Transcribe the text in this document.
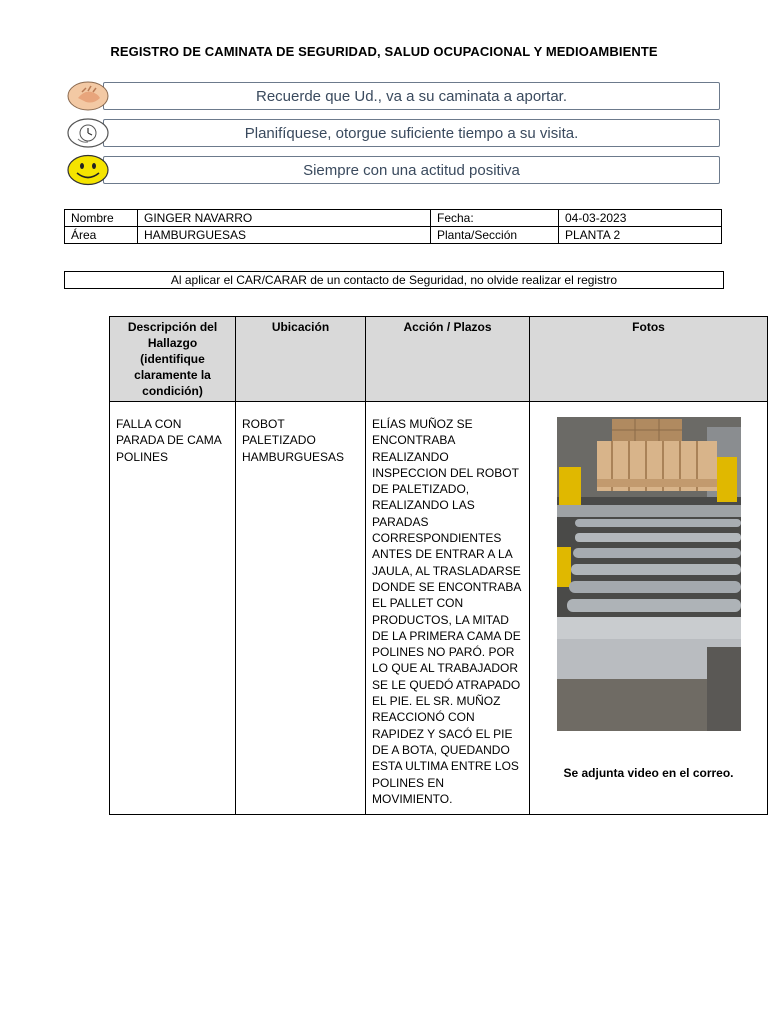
REGISTRO DE CAMINATA DE SEGURIDAD, SALUD OCUPACIONAL Y MEDIOAMBIENTE
Recuerde que Ud., va a su caminata a aportar.
Planifíquese, otorgue suficiente tiempo a su visita.
Siempre con una actitud positiva
Nombre	GINGER NAVARRO	Fecha:	04-03-2023
Área	HAMBURGUESAS	Planta/Sección	PLANTA 2
Al aplicar el CAR/CARAR de un contacto de Seguridad, no olvide realizar el registro
Descripción del Hallazgo (identifique claramente la condición)	Ubicación	Acción / Plazos	Fotos
FALLA CON PARADA DE CAMA POLINES	ROBOT PALETIZADO HAMBURGUESAS	ELÍAS MUÑOZ SE ENCONTRABA REALIZANDO INSPECCION DEL ROBOT DE PALETIZADO, REALIZANDO LAS PARADAS CORRESPONDIENTES ANTES DE ENTRAR A LA JAULA, AL TRASLADARSE DONDE SE ENCONTRABA EL PALLET CON PRODUCTOS, LA MITAD DE LA PRIMERA CAMA DE POLINES NO PARÓ. POR LO QUE AL TRABAJADOR SE LE QUEDÓ ATRAPADO EL PIE. EL SR. MUÑOZ REACCIONÓ CON RAPIDEZ Y SACÓ EL PIE DE A BOTA, QUEDANDO ESTA ULTIMA ENTRE LOS POLINES EN MOVIMIENTO.	Se adjunta video en el correo.
